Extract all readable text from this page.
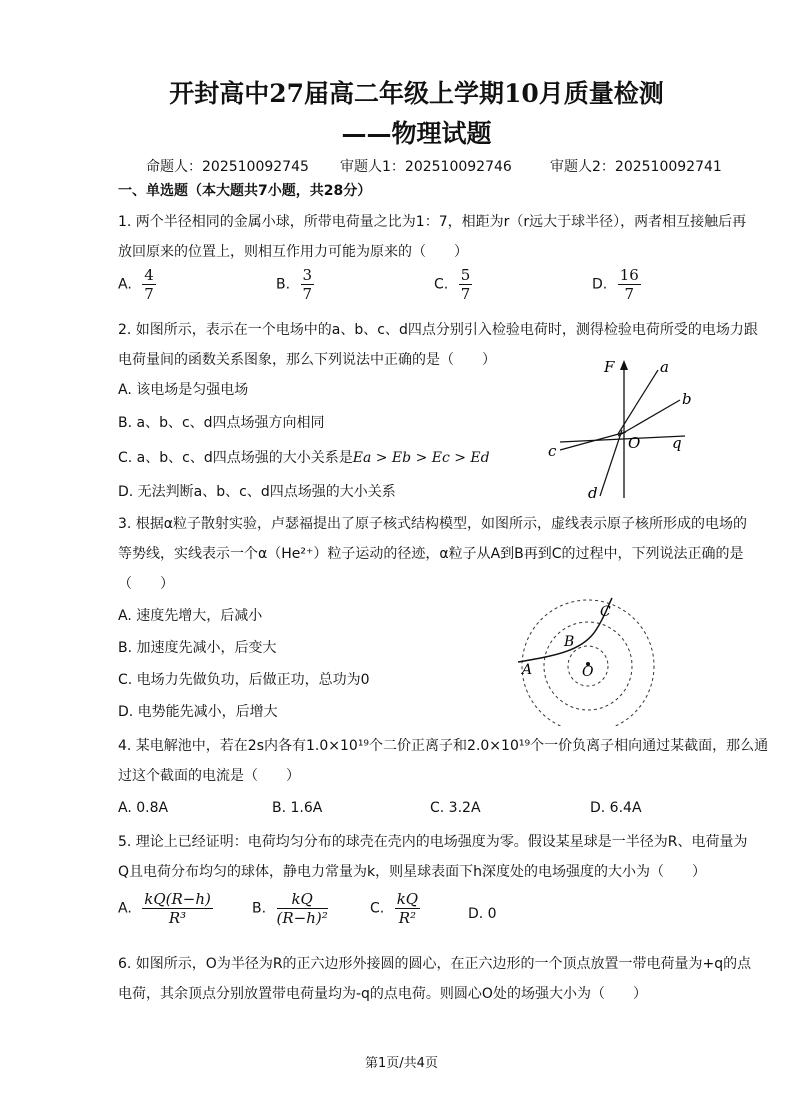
开封高中27届高二年级上学期10月质量检测
——物理试题
命题人：202510092745 审题人1：202510092746	审题人2：202510092741
一、单选题（本大题共7小题，共28分）
1. 两个半径相同的金属小球，所带电荷量之比为1：7，相距为r（r远大于球半径），两者相互接触后再
放回原来的位置上，则相互作用力可能为原来的（　　）
A. $\frac{4}{7}$	B. $\frac{3}{7}$	C. $\frac{5}{7}$	D. $\frac{16}{7}$
2. 如图所示，表示在一个电场中的a、b、c、d四点分别引入检验电荷时，测得检验电荷所受的电场力跟
电荷量间的函数关系图象，那么下列说法中正确的是（　　）
A. 该电场是匀强电场
B. a、b、c、d四点场强方向相同
C. a、b、c、d四点场强的大小关系是Ea > Eb > Ec > Ed
D. 无法判断a、b、c、d四点场强的大小关系
F	a
b
c
d
O q
3. 根据α粒子散射实验，卢瑟福提出了原子核式结构模型，如图所示，虚线表示原子核所形成的电场的
等势线，实线表示一个α（He²⁺）粒子运动的径迹，α粒子从A到B再到C的过程中，下列说法正确的是
（　　）
A. 速度先增大，后减小
B. 加速度先减小，后变大
C. 电场力先做负功，后做正功，总功为0
D. 电势能先减小，后增大
A
B
C
O
4. 某电解池中，若在2s内各有1.0×10¹⁹个二价正离子和2.0×10¹⁹个一价负离子相向通过某截面，那么通
过这个截面的电流是（　　）
A. 0.8A	B. 1.6A	C. 3.2A	D. 6.4A
5. 理论上已经证明：电荷均匀分布的球壳在壳内的电场强度为零。假设某星球是一半径为R、电荷量为
Q且电荷分布均匀的球体，静电力常量为k，则星球表面下h深度处的电场强度的大小为（　　）
A. $\frac{kQ(R-h)}{\text{R³}}$	B. $\frac{kQ}{\text{(R−h)²}}$	C. $\frac{kQ}{\text{R²}}$	D. 0
6. 如图所示，O为半径为R的正六边形外接圆的圆心，在正六边形的一个顶点放置一带电荷量为+q的点
电荷，其余顶点分别放置带电荷量均为-q的点电荷。则圆心O处的场强大小为（　　）
第1页/共4页
